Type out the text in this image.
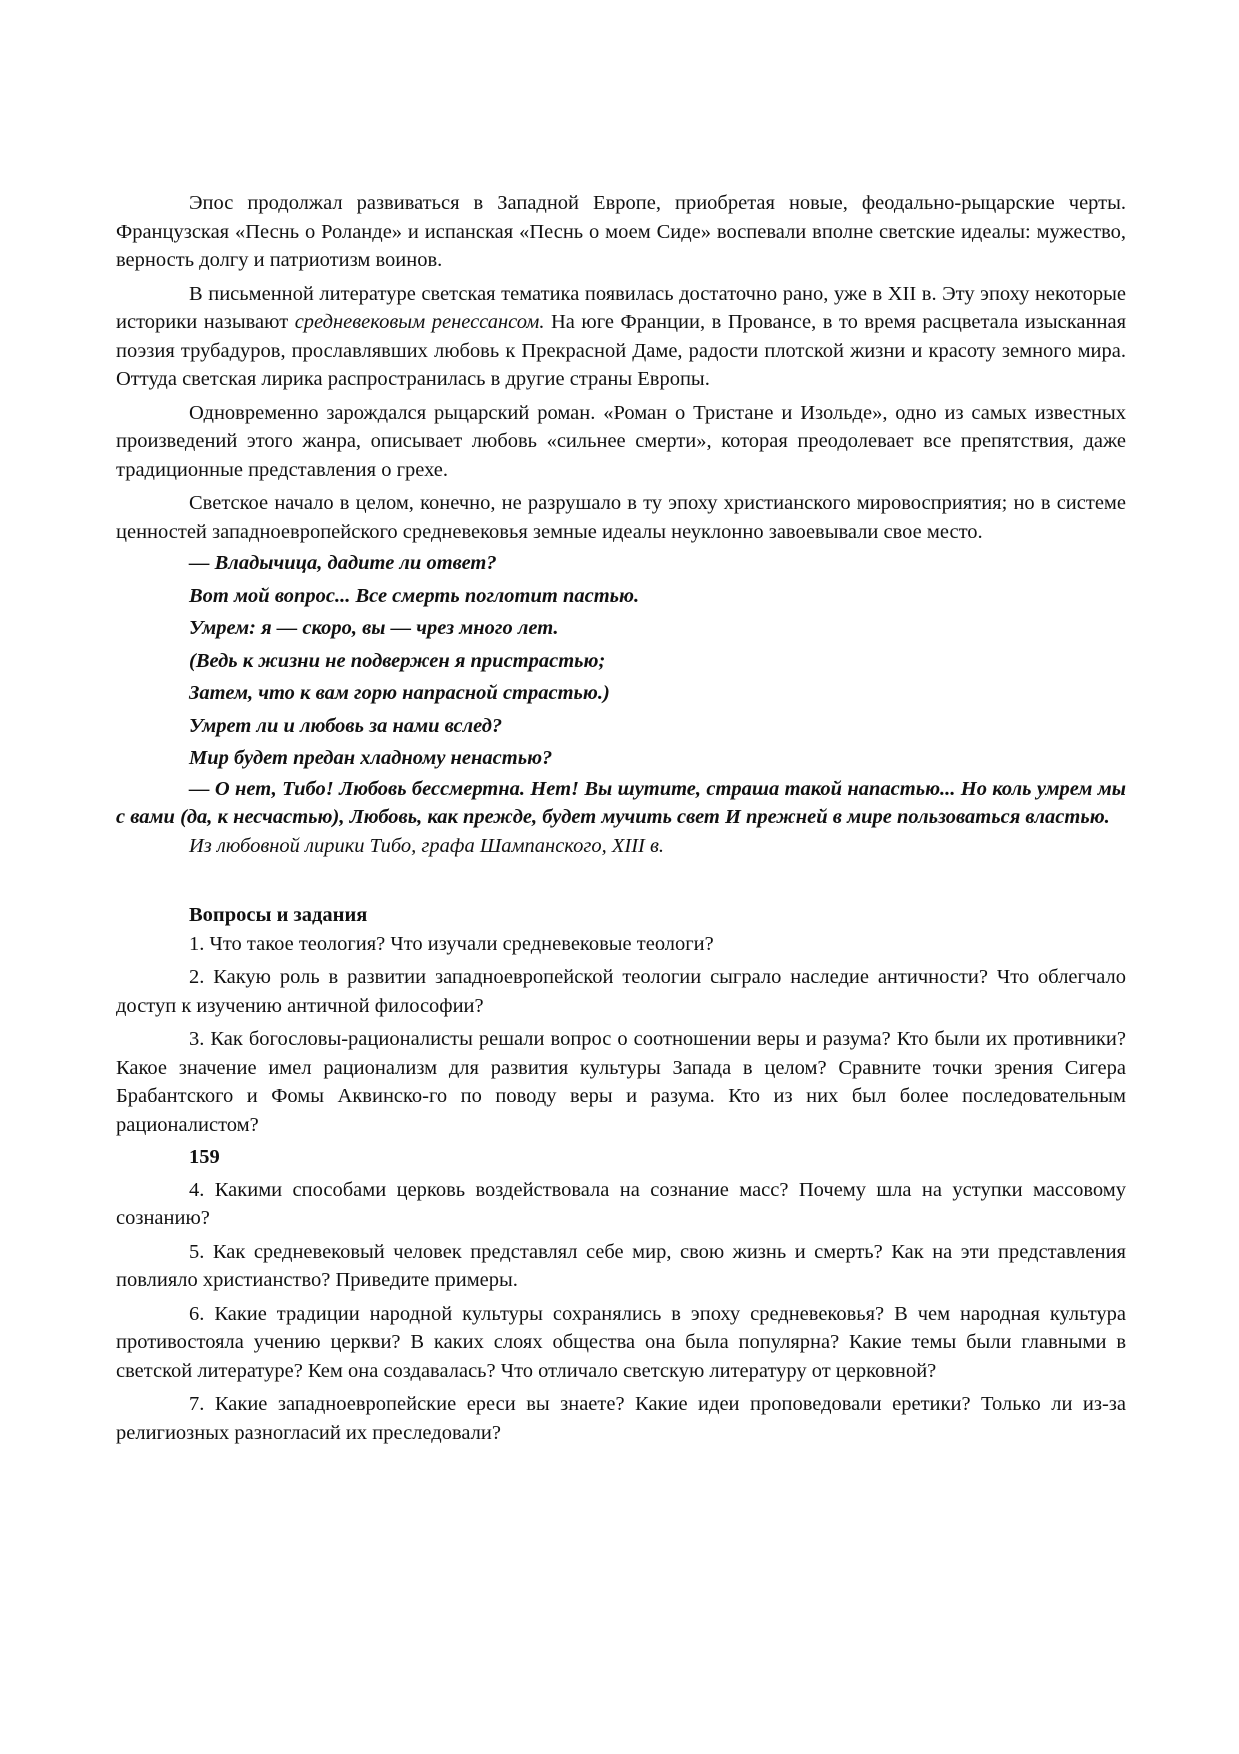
Эпос продолжал развиваться в Западной Европе, приобретая новые, феодально-рыцарские черты. Французская «Песнь о Роланде» и испанская «Песнь о моем Сиде» воспевали вполне светские идеалы: мужество, верность долгу и патриотизм воинов.

В письменной литературе светская тематика появилась достаточно рано, уже в XII в. Эту эпоху некоторые историки называют средневековым ренессансом. На юге Франции, в Провансе, в то время расцветала изысканная поэзия трубадуров, прославлявших любовь к Прекрасной Даме, радости плотской жизни и красоту земного мира. Оттуда светская лирика распространилась в другие страны Европы.

Одновременно зарождался рыцарский роман. «Роман о Тристане и Изольде», одно из самых известных произведений этого жанра, описывает любовь «сильнее смерти», которая преодолевает все препятствия, даже традиционные представления о грехе.

Светское начало в целом, конечно, не разрушало в ту эпоху христианского мировосприятия; но в системе ценностей западноевропейского средневековья земные идеалы неуклонно завоевывали свое место.

— Владычица, дадите ли ответ?

Вот мой вопрос... Все смерть поглотит пастью.

Умрем: я — скоро, вы — чрез много лет.

(Ведь к жизни не подвержен я пристрастью;

Затем, что к вам горю напрасной страстью.)

Умрет ли и любовь за нами вслед?

Мир будет предан хладному ненастью?

— О нет, Тибо! Любовь бессмертна. Нет! Вы шутите, страша такой напастью... Но коль умрем мы с вами (да, к несчастью), Любовь, как прежде, будет мучить свет И прежней в мире пользоваться властью.

Из любовной лирики Тибо, графа Шампанского, XIII в.

Вопросы и задания

1. Что такое теология? Что изучали средневековые теологи?

2. Какую роль в развитии западноевропейской теологии сыграло наследие античности? Что облегчало доступ к изучению античной философии?

3. Как богословы-рационалисты решали вопрос о соотношении веры и разума? Кто были их противники? Какое значение имел рационализм для развития культуры Запада в целом? Сравните точки зрения Сигера Брабантского и Фомы Аквинско-го по поводу веры и разума. Кто из них был более последовательным рационалистом?

159

4. Какими способами церковь воздействовала на сознание масс? Почему шла на уступки массовому сознанию?

5. Как средневековый человек представлял себе мир, свою жизнь и смерть? Как на эти представления повлияло христианство? Приведите примеры.

6. Какие традиции народной культуры сохранялись в эпоху средневековья? В чем народная культура противостояла учению церкви? В каких слоях общества она была популярна? Какие темы были главными в светской литературе? Кем она создавалась? Что отличало светскую литературу от церковной?

7. Какие западноевропейские ереси вы знаете? Какие идеи проповедовали еретики? Только ли из-за религиозных разногласий их преследовали?
